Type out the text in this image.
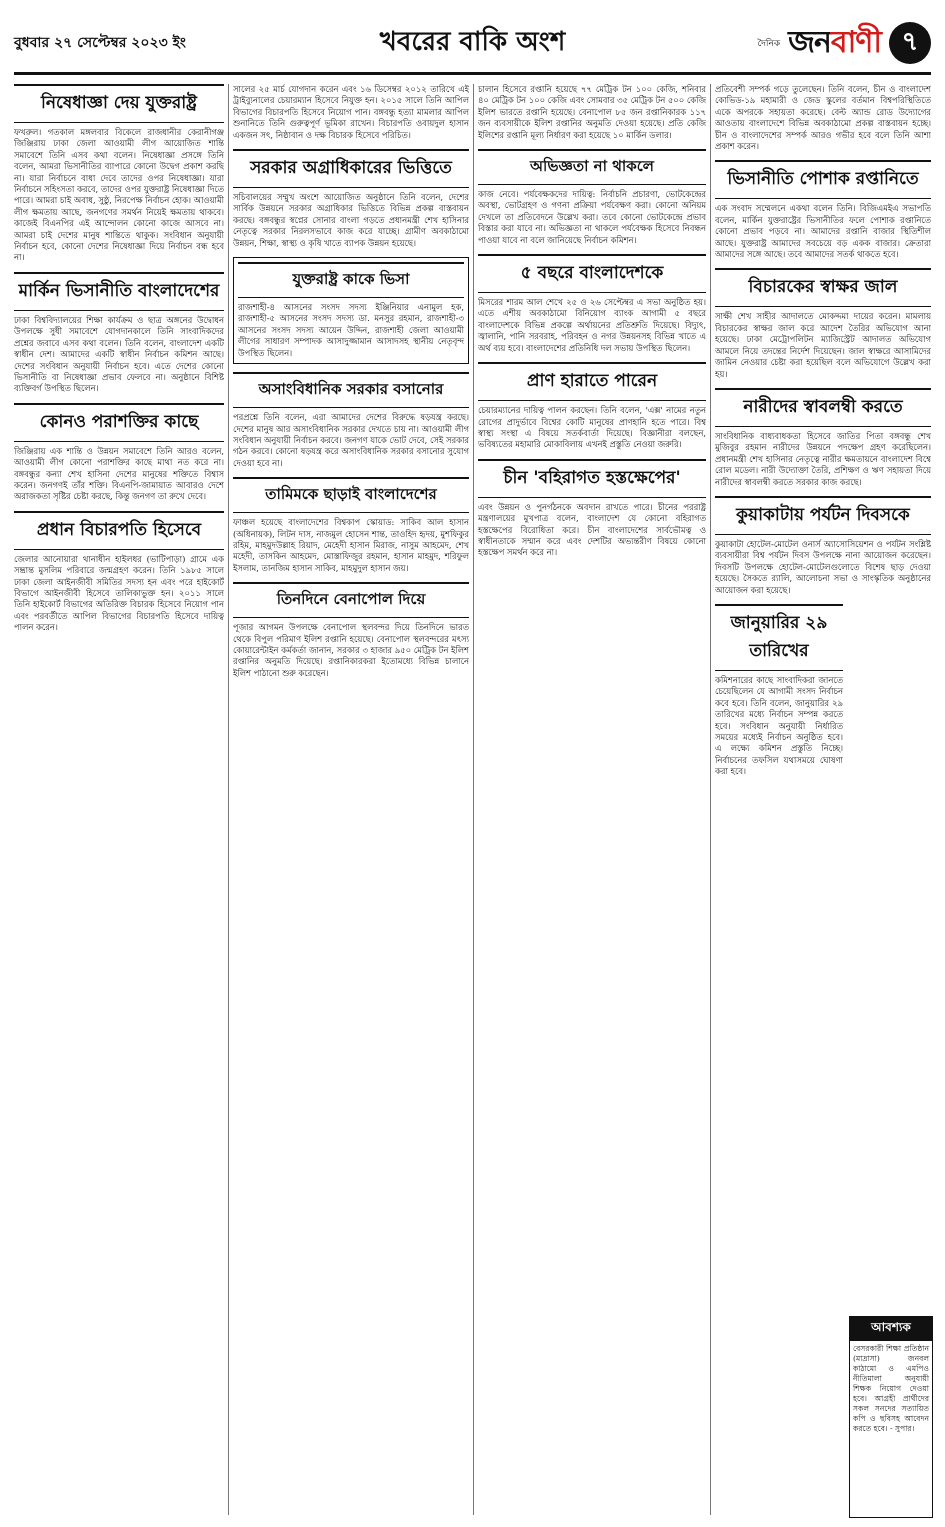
বুধবার ২৭ সেপ্টেম্বর ২০২৩ ইং	খবরের বাকি অংশ	দৈনিক জনবাণী ৭
নিষেধাজ্ঞা দেয় যুক্তরাষ্ট্র

ফখরুল। গতকাল মঙ্গলবার বিকেলে রাজধানীর কেরানীগঞ্জ জিঞ্জিরায় ঢাকা জেলা আওয়ামী লীগ আয়োজিত শান্তি সমাবেশে তিনি এসব কথা বলেন। নিষেধাজ্ঞা প্রসঙ্গে তিনি বলেন, আমরা ভিসানীতির ব্যাপারে কোনো উদ্বেগ প্রকাশ করছি না। যারা নির্বাচনে বাধা দেবে তাদের ওপর নিষেধাজ্ঞা। যারা নির্বাচনে সহিংসতা করবে, তাদের ওপর যুক্তরাষ্ট্র নিষেধাজ্ঞা দিতে পারে। আমরা চাই অবাধ, সুষ্ঠু, নিরপেক্ষ নির্বাচন হোক। আওয়ামী লীগ ক্ষমতায় আছে, জনগণের সমর্থন নিয়েই ক্ষমতায় থাকবে। কাজেই বিএনপির এই আন্দোলন কোনো কাজে আসবে না। আমরা চাই দেশের মানুষ শান্তিতে থাকুক। সংবিধান অনুযায়ী নির্বাচন হবে, কোনো দেশের নিষেধাজ্ঞা দিয়ে নির্বাচন বন্ধ হবে না।

মার্কিন ভিসানীতি বাংলাদেশের

ঢাকা বিশ্ববিদ্যালয়ের শিক্ষা কার্যক্রম ও ছাত্র অঙ্গনের উদ্বোধন উপলক্ষে সুধী সমাবেশে যোগদানকালে তিনি সাংবাদিকদের প্রশ্নের জবাবে এসব কথা বলেন। তিনি বলেন, বাংলাদেশ একটি স্বাধীন দেশ। আমাদের একটি স্বাধীন নির্বাচন কমিশন আছে। দেশের সংবিধান অনুযায়ী নির্বাচন হবে। এতে দেশের কোনো ভিসানীতি বা নিষেধাজ্ঞা প্রভাব ফেলবে না। অনুষ্ঠানে বিশিষ্ট ব্যক্তিবর্গ উপস্থিত ছিলেন।

কোনও পরাশক্তির কাছে

জিঞ্জিরায় এক শান্তি ও উন্নয়ন সমাবেশে তিনি আরও বলেন, আওয়ামী লীগ কোনো পরাশক্তির কাছে মাথা নত করে না। বঙ্গবন্ধুর কন্যা শেখ হাসিনা দেশের মানুষের শক্তিতে বিশ্বাস করেন। জনগণই তাঁর শক্তি। বিএনপি-জামায়াত আবারও দেশে অরাজকতা সৃষ্টির চেষ্টা করছে, কিন্তু জনগণ তা রুখে দেবে।

প্রধান বিচারপতি হিসেবে

জেলার আনোয়ারা থানাধীন হাইলধর (ভাটিপাড়া) গ্রামে এক সম্ভ্রান্ত মুসলিম পরিবারে জন্মগ্রহণ করেন। তিনি ১৯৮৫ সালে ঢাকা জেলা আইনজীবী সমিতির সদস্য হন এবং পরে হাইকোর্ট বিভাগে আইনজীবী হিসেবে তালিকাভুক্ত হন। ২০১১ সালে তিনি হাইকোর্ট বিভাগের অতিরিক্ত বিচারক হিসেবে নিয়োগ পান এবং পরবর্তীতে আপিল বিভাগের বিচারপতি হিসেবে দায়িত্ব পালন করেন।

সালের ২৫ মার্চ যোগদান করেন এবং ১৬ ডিসেম্বর ২০১২ তারিখে এই ট্রাইব্যুনালের চেয়ারম্যান হিসেবে নিযুক্ত হন। ২০১৫ সালে তিনি আপিল বিভাগের বিচারপতি হিসেবে নিয়োগ পান। বঙ্গবন্ধু হত্যা মামলার আপিল শুনানিতে তিনি গুরুত্বপূর্ণ ভূমিকা রাখেন। বিচারপতি ওবায়দুল হাসান একজন সৎ, নিষ্ঠাবান ও দক্ষ বিচারক হিসেবে পরিচিত।

সরকার অগ্রাধিকারের ভিত্তিতে

সচিবালয়ের সম্মুখ অংশে আয়োজিত অনুষ্ঠানে তিনি বলেন, দেশের সার্বিক উন্নয়নে সরকার অগ্রাধিকার ভিত্তিতে বিভিন্ন প্রকল্প বাস্তবায়ন করছে। বঙ্গবন্ধুর স্বপ্নের সোনার বাংলা গড়তে প্রধানমন্ত্রী শেখ হাসিনার নেতৃত্বে সরকার নিরলসভাবে কাজ করে যাচ্ছে। গ্রামীণ অবকাঠামো উন্নয়ন, শিক্ষা, স্বাস্থ্য ও কৃষি খাতে ব্যাপক উন্নয়ন হয়েছে।

যুক্তরাষ্ট্র কাকে ভিসা

রাজশাহী-৪ আসনের সংসদ সদস্য ইঞ্জিনিয়ার এনামুল হক, রাজশাহী-৫ আসনের সংসদ সদস্য ডা. মনসুর রহমান, রাজশাহী-৩ আসনের সংসদ সদস্য আয়েন উদ্দিন, রাজশাহী জেলা আওয়ামী লীগের সাধারণ সম্পাদক আসাদুজ্জামান আসাদসহ স্থানীয় নেতৃবৃন্দ উপস্থিত ছিলেন।

অসাংবিধানিক সরকার বসানোর

পরপ্রশ্নে তিনি বলেন, এরা আমাদের দেশের বিরুদ্ধে ষড়যন্ত্র করছে। দেশের মানুষ আর অসাংবিধানিক সরকার দেখতে চায় না। আওয়ামী লীগ সংবিধান অনুযায়ী নির্বাচন করবে। জনগণ যাকে ভোট দেবে, সেই সরকার গঠন করবে। কোনো ষড়যন্ত্র করে অসাংবিধানিক সরকার বসানোর সুযোগ দেওয়া হবে না।

তামিমকে ছাড়াই বাংলাদেশের

ফাঞ্চল হয়েছে বাংলাদেশের বিশ্বকাপ স্কোয়াড: সাকিব আল হাসান (অধিনায়ক), লিটন দাস, নাজমুল হোসেন শান্ত, তাওহিদ হৃদয়, মুশফিকুর রহিম, মাহমুদউল্লাহ রিয়াদ, মেহেদী হাসান মিরাজ, নাসুম আহমেদ, শেখ মহেদী, তাসকিন আহমেদ, মোস্তাফিজুর রহমান, হাসান মাহমুদ, শরিফুল ইসলাম, তানজিম হাসান সাকিব, মাহমুদুল হাসান জয়।

তিনদিনে বেনাপোল দিয়ে

পূজার আগমন উপলক্ষে বেনাপোল স্থলবন্দর দিয়ে তিনদিনে ভারত থেকে বিপুল পরিমাণ ইলিশ রপ্তানি হয়েছে। বেনাপোল স্থলবন্দরের মৎস্য কোয়ারেন্টাইন কর্মকর্তা জানান, সরকার ৩ হাজার ৯৫০ মেট্রিক টন ইলিশ রপ্তানির অনুমতি দিয়েছে। রপ্তানিকারকরা ইতোমধ্যে বিভিন্ন চালানে ইলিশ পাঠানো শুরু করেছেন।

চালান হিসেবে রপ্তানি হয়েছে ৭৭ মেট্রিক টন ১০০ কেজি, শনিবার ৪০ মেট্রিক টন ১০০ কেজি এবং সোমবার ৩৫ মেট্রিক টন ৫০০ কেজি ইলিশ ভারতে রপ্তানি হয়েছে। বেনাপোল ৮৫ জন রপ্তানিকারক ১১৭ জন ব্যবসায়ীকে ইলিশ রপ্তানির অনুমতি দেওয়া হয়েছে। প্রতি কেজি ইলিশের রপ্তানি মূল্য নির্ধারণ করা হয়েছে ১০ মার্কিন ডলার।

অভিজ্ঞতা না থাকলে

কাজ নেবে। পর্যবেক্ষকদের দায়িত্ব: নির্বাচনি প্রচারণা, ভোটকেন্দ্রের অবস্থা, ভোটগ্রহণ ও গণনা প্রক্রিয়া পর্যবেক্ষণ করা। কোনো অনিয়ম দেখলে তা প্রতিবেদনে উল্লেখ করা। তবে কোনো ভোটকেন্দ্রে প্রভাব বিস্তার করা যাবে না। অভিজ্ঞতা না থাকলে পর্যবেক্ষক হিসেবে নিবন্ধন পাওয়া যাবে না বলে জানিয়েছে নির্বাচন কমিশন।

৫ বছরে বাংলাদেশকে

মিসরের শারম আল শেখে ২৫ ও ২৬ সেপ্টেম্বর এ সভা অনুষ্ঠিত হয়। এতে এশীয় অবকাঠামো বিনিয়োগ ব্যাংক আগামী ৫ বছরে বাংলাদেশকে বিভিন্ন প্রকল্পে অর্থায়নের প্রতিশ্রুতি দিয়েছে। বিদ্যুৎ, জ্বালানি, পানি সরবরাহ, পরিবহন ও নগর উন্নয়নসহ বিভিন্ন খাতে এ অর্থ ব্যয় হবে। বাংলাদেশের প্রতিনিধি দল সভায় উপস্থিত ছিলেন।

প্রাণ হারাতে পারেন

চেয়ারম্যানের দায়িত্ব পালন করছেন। তিনি বলেন, 'এক্স' নামের নতুন রোগের প্রাদুর্ভাবে বিশ্বের কোটি মানুষের প্রাণহানি হতে পারে। বিশ্ব স্বাস্থ্য সংস্থা এ বিষয়ে সতর্কবার্তা দিয়েছে। বিজ্ঞানীরা বলছেন, ভবিষ্যতের মহামারি মোকাবিলায় এখনই প্রস্তুতি নেওয়া জরুরি।

চীন 'বহিরাগত হস্তক্ষেপের'

এবং উন্নয়ন ও পুনর্গঠনকে অবদান রাখতে পারে। চীনের পররাষ্ট্র মন্ত্রণালয়ের মুখপাত্র বলেন, বাংলাদেশ যে কোনো বহিরাগত হস্তক্ষেপের বিরোধিতা করে। চীন বাংলাদেশের সার্বভৌমত্ব ও স্বাধীনতাকে সম্মান করে এবং দেশটির অভ্যন্তরীণ বিষয়ে কোনো হস্তক্ষেপ সমর্থন করে না।

প্রতিবেশী সম্পর্ক গড়ে তুলেছেন। তিনি বলেন, চীন ও বাংলাদেশ কোভিড-১৯ মহামারী ও জেড স্কুলের বর্তমান বিশ্বপরিস্থিতিতে একে অপরকে সহায়তা করেছে। বেল্ট অ্যান্ড রোড উদ্যোগের আওতায় বাংলাদেশে বিভিন্ন অবকাঠামো প্রকল্প বাস্তবায়ন হচ্ছে। চীন ও বাংলাদেশের সম্পর্ক আরও গভীর হবে বলে তিনি আশা প্রকাশ করেন।

ভিসানীতি পোশাক রপ্তানিতে

এক সংবাদ সম্মেলনে একথা বলেন তিনি। বিজিএমইএ সভাপতি বলেন, মার্কিন যুক্তরাষ্ট্রের ভিসানীতির ফলে পোশাক রপ্তানিতে কোনো প্রভাব পড়বে না। আমাদের রপ্তানি বাজার স্থিতিশীল আছে। যুক্তরাষ্ট্র আমাদের সবচেয়ে বড় একক বাজার। ক্রেতারা আমাদের সঙ্গে আছে। তবে আমাদের সতর্ক থাকতে হবে।

বিচারকের স্বাক্ষর জাল

সাক্ষী শেখ সাহীর আদালতে মোকদ্দমা দায়ের করেন। মামলায় বিচারকের স্বাক্ষর জাল করে আদেশ তৈরির অভিযোগ আনা হয়েছে। ঢাকা মেট্রোপলিটন ম্যাজিস্ট্রেট আদালত অভিযোগ আমলে নিয়ে তদন্তের নির্দেশ দিয়েছেন। জাল স্বাক্ষরে আসামিদের জামিন নেওয়ার চেষ্টা করা হয়েছিল বলে অভিযোগে উল্লেখ করা হয়।

নারীদের স্বাবলম্বী করতে

সাংবিধানিক বাধ্যবাধকতা হিসেবে জাতির পিতা বঙ্গবন্ধু শেখ মুজিবুর রহমান নারীদের উন্নয়নে পদক্ষেপ গ্রহণ করেছিলেন। প্রধানমন্ত্রী শেখ হাসিনার নেতৃত্বে নারীর ক্ষমতায়নে বাংলাদেশ বিশ্বে রোল মডেল। নারী উদ্যোক্তা তৈরি, প্রশিক্ষণ ও ঋণ সহায়তা দিয়ে নারীদের স্বাবলম্বী করতে সরকার কাজ করছে।

কুয়াকাটায় পর্যটন দিবসকে

কুয়াকাটা হোটেল-মোটেল ওনার্স অ্যাসোসিয়েশন ও পর্যটন সংশ্লিষ্ট ব্যবসায়ীরা বিশ্ব পর্যটন দিবস উপলক্ষে নানা আয়োজন করেছেন। দিবসটি উপলক্ষে হোটেল-মোটেলগুলোতে বিশেষ ছাড় দেওয়া হয়েছে। সৈকতে র‍্যালি, আলোচনা সভা ও সাংস্কৃতিক অনুষ্ঠানের আয়োজন করা হয়েছে।

জানুয়ারির ২৯ তারিখের

কমিশনারের কাছে সাংবাদিকরা জানতে চেয়েছিলেন যে আগামী সংসদ নির্বাচন কবে হবে। তিনি বলেন, জানুয়ারির ২৯ তারিখের মধ্যে নির্বাচন সম্পন্ন করতে হবে। সংবিধান অনুযায়ী নির্ধারিত সময়ের মধ্যেই নির্বাচন অনুষ্ঠিত হবে। এ লক্ষ্যে কমিশন প্রস্তুতি নিচ্ছে। নির্বাচনের তফসিল যথাসময়ে ঘোষণা করা হবে।

আবশ্যক

বেসরকারী শিক্ষা প্রতিষ্ঠান (মাদ্রাসা) জনবল কাঠামো ও এমপিও নীতিমালা অনুযায়ী শিক্ষক নিয়োগ দেওয়া হবে। আগ্রহী প্রার্থীদের সকল সনদের সত্যায়িত কপি ও ছবিসহ আবেদন করতে হবে। - সুপার।
